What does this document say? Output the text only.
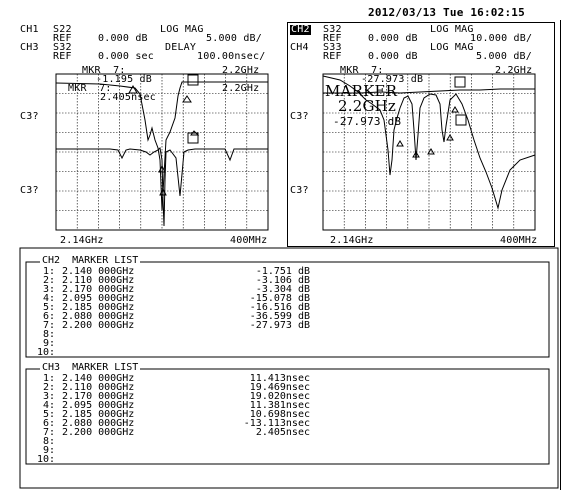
2012/03/13 Tue 16:02:15
CH1 S22	LOG MAG
REF	0.000 dB	5.000 dB/
CH3 S32	DELAY
REF	0.000 sec	100.00nsec/
CH2 S32	LOG MAG
REF	0.000 dB	10.000 dB/
CH4 S33	LOG MAG
REF	0.000 dB	5.000 dB/
MKR  7:	2.2GHz
-1.195 dB
MKR  7:	2.2GHz
2.405nsec
C3?
C3?
2.14GHz	400MHz
MKR  7:
-27.973 dB
2.2GHz
MARKER
2.2GHz
-27.973 dB
C3?
C3?
2.14GHz	400MHz
CH2  MARKER LIST
1: 2.140 000GHz	-1.751 dB
2: 2.110 000GHz	-3.106 dB
3: 2.170 000GHz	-3.304 dB
4: 2.095 000GHz	-15.078 dB
5: 2.185 000GHz	-16.516 dB
6: 2.080 000GHz	-36.599 dB
7: 2.200 000GHz	-27.973 dB
8:
9:
10:
CH3  MARKER LIST
1: 2.140 000GHz	11.413nsec
2: 2.110 000GHz	19.469nsec
3: 2.170 000GHz	19.020nsec
4: 2.095 000GHz	11.381nsec
5: 2.185 000GHz	10.698nsec
6: 2.080 000GHz	-13.113nsec
7: 2.200 000GHz	2.405nsec
8:
9:
10:
